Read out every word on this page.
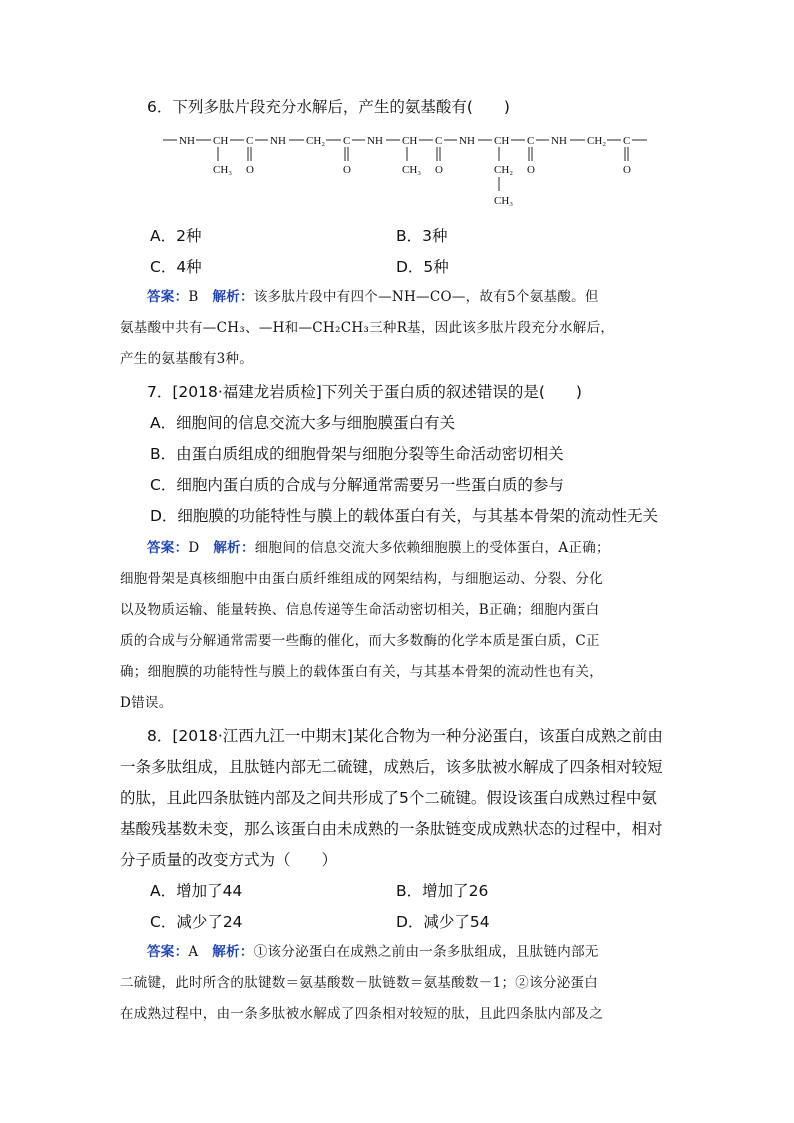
6．下列多肽片段充分水解后，产生的氨基酸有(　　)
NH CH C NH CH₂ C NH CH C NH CH C NH CH₂ C
CH₃ O	O	CH₃ O	CH₂
CH₃
O	O
A．2种	B．3种
C．4种	D．5种
答案：B　 解析：该多肽片段中有四个—NH—CO—，故有5个氨基酸。但
氨基酸中共有—CH₃、—H和—CH₂CH₃三种R基，因此该多肽片段充分水解后，
产生的氨基酸有3种。
7．[2018·福建龙岩质检]下列关于蛋白质的叙述错误的是(　　)
A．细胞间的信息交流大多与细胞膜蛋白有关
B．由蛋白质组成的细胞骨架与细胞分裂等生命活动密切相关
C．细胞内蛋白质的合成与分解通常需要另一些蛋白质的参与
D．细胞膜的功能特性与膜上的载体蛋白有关，与其基本骨架的流动性无关
答案：D　 解析：细胞间的信息交流大多依赖细胞膜上的受体蛋白，A正确；
细胞骨架是真核细胞中由蛋白质纤维组成的网架结构，与细胞运动、分裂、分化
以及物质运输、能量转换、信息传递等生命活动密切相关，B正确；细胞内蛋白
质的合成与分解通常需要一些酶的催化，而大多数酶的化学本质是蛋白质，C正
确；细胞膜的功能特性与膜上的载体蛋白有关，与其基本骨架的流动性也有关，
D错误。
8．[2018·江西九江一中期末]某化合物为一种分泌蛋白，该蛋白成熟之前由
一条多肽组成，且肽链内部无二硫键，成熟后，该多肽被水解成了四条相对较短
的肽，且此四条肽链内部及之间共形成了5个二硫键。假设该蛋白成熟过程中氨
基酸残基数未变，那么该蛋白由未成熟的一条肽链变成成熟状态的过程中，相对
分子质量的改变方式为（　　）
A．增加了44	B．增加了26
C．减少了24	D．减少了54
答案：A　 解析：①该分泌蛋白在成熟之前由一条多肽组成，且肽链内部无
二硫键，此时所含的肽键数＝氨基酸数－肽链数＝氨基酸数－1；②该分泌蛋白
在成熟过程中，由一条多肽被水解成了四条相对较短的肽，且此四条肽内部及之
